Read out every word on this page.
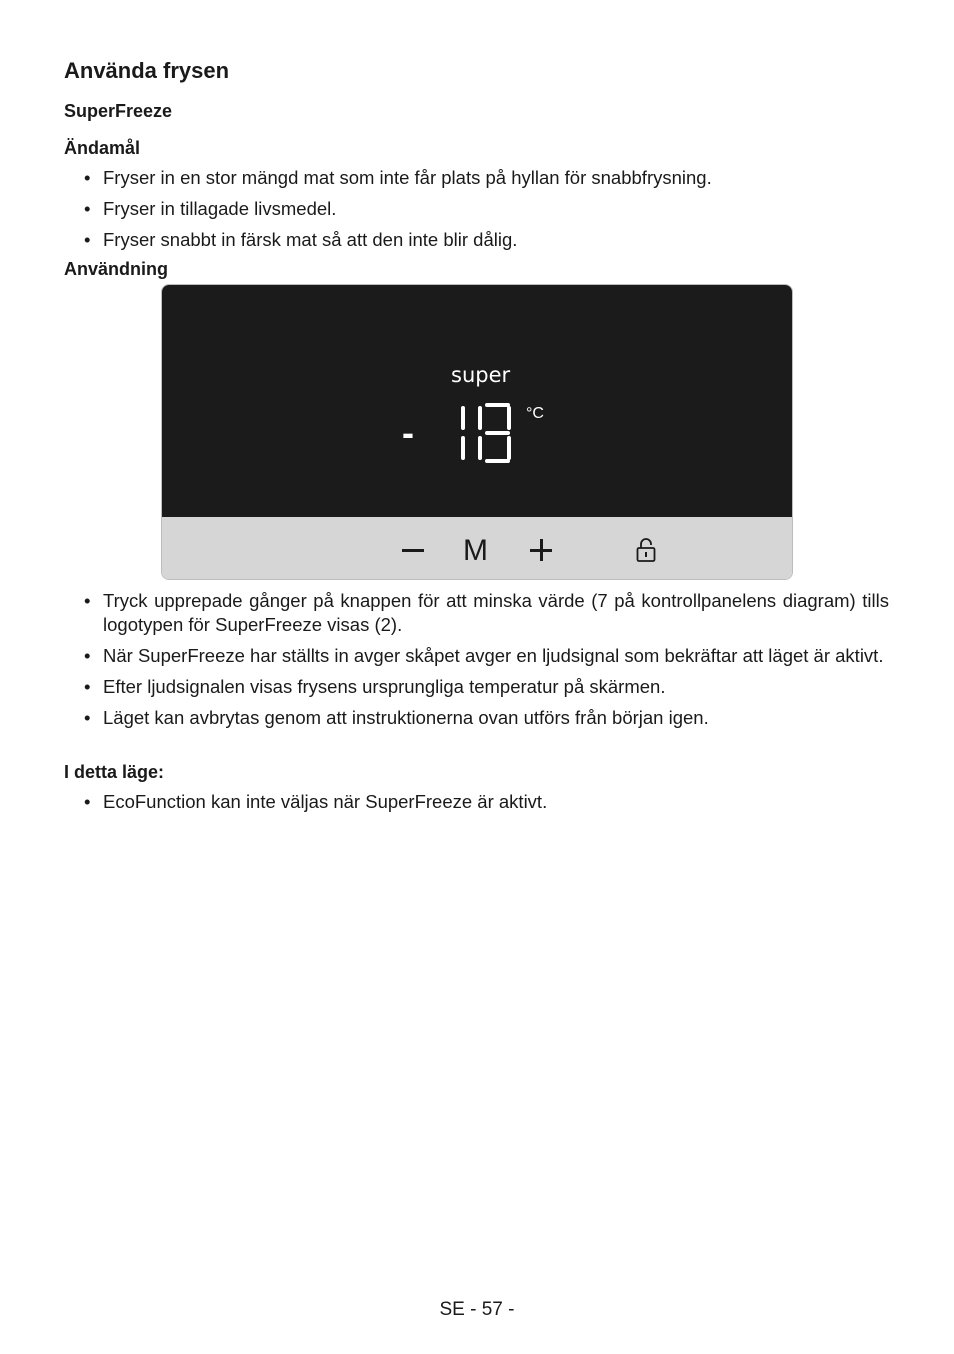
Använda frysen

SuperFreeze

Ändamål

• Fryser in en stor mängd mat som inte får plats på hyllan för snabbfrysning.
• Fryser in tillagade livsmedel.
• Fryser snabbt in färsk mat så att den inte blir dålig.

Användning

super
-	°C
M
• Tryck upprepade gånger på knappen för att minska värde (7 på kontrollpanelens diagram) tills logotypen för SuperFreeze visas (2).
• När SuperFreeze har ställts in avger skåpet avger en ljudsignal som bekräftar att läget är aktivt.
• Efter ljudsignalen visas frysens ursprungliga temperatur på skärmen.
• Läget kan avbrytas genom att instruktionerna ovan utförs från början igen.

I detta läge:

• EcoFunction kan inte väljas när SuperFreeze är aktivt.
SE - 57 -
